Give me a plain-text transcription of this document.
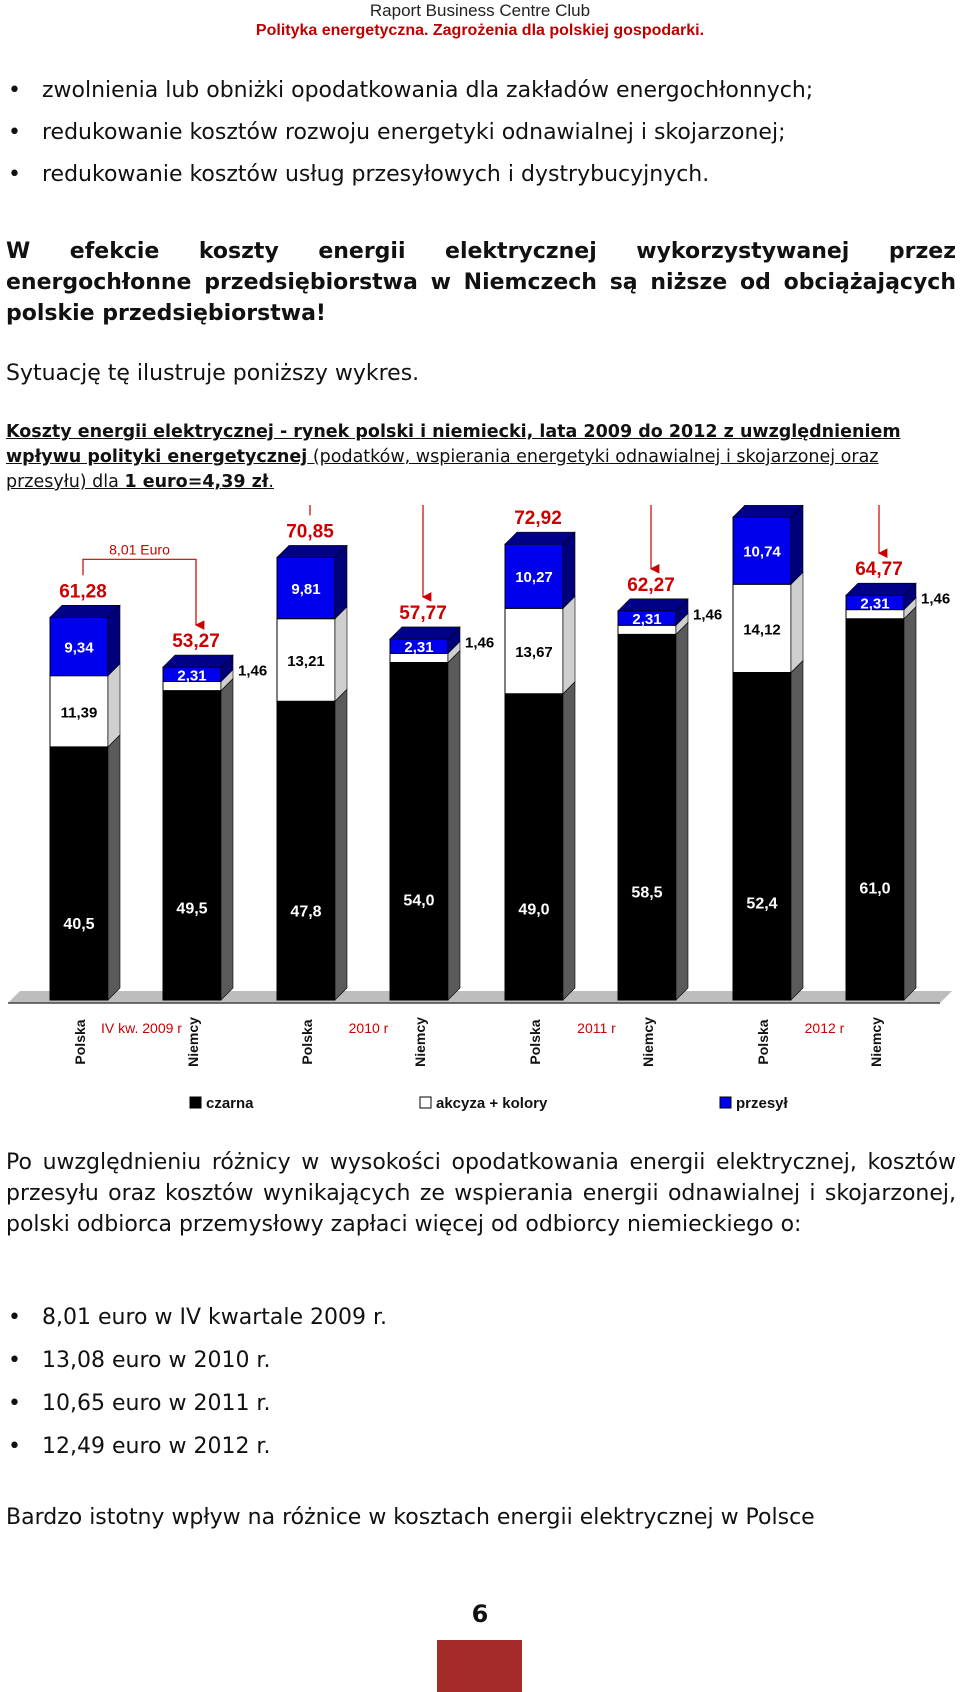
Raport Business Centre Club
Polityka energetyczna. Zagrożenia dla polskiej gospodarki.
• zwolnienia lub obniżki opodatkowania dla zakładów energochłonnych;
• redukowanie kosztów rozwoju energetyki odnawialnej i skojarzonej;
• redukowanie kosztów usług przesyłowych i dystrybucyjnych.

W efekcie koszty energii elektrycznej wykorzystywanej przez energochłonne przedsiębiorstwa w Niemczech są niższe od obciążających polskie przedsiębiorstwa!

Sytuację tę ilustruje poniższy wykres.

Koszty energii elektrycznej - rynek polski i niemiecki, lata 2009 do 2012 z uwzględnieniem wpływu polityki energetycznej (podatków, wspierania energetyki odnawialnej i skojarzonej oraz przesyłu) dla 1 euro=4,39 zł.
40,5
11,39
9,34
61,28
Polska
49,5
1,46
2,31
53,27
Niemcy
47,8
13,21
9,81
70,85
Polska
54,0
1,46
2,31
57,77
Niemcy
49,0
13,67
10,27
72,92
Polska
58,5
1,46
2,31
62,27
Niemcy
52,4
14,12
10,74
Polska
61,0
1,46
2,31
64,77
Niemcy
IV kw. 2009 r	2010 r	2011 r	2012 r
8,01 Euro
czarna	akcyza + kolory	przesył

Po uwzględnieniu różnicy w wysokości opodatkowania energii elektrycznej, kosztów przesyłu oraz kosztów wynikających ze wspierania energii odnawialnej i skojarzonej, polski odbiorca przemysłowy zapłaci więcej od odbiorcy niemieckiego o:

• 8,01 euro w IV kwartale 2009 r.
• 13,08 euro w 2010 r.
• 10,65 euro w 2011 r.
• 12,49 euro w 2012 r.

Bardzo istotny wpływ na różnice w kosztach energii elektrycznej w Polsce

6
